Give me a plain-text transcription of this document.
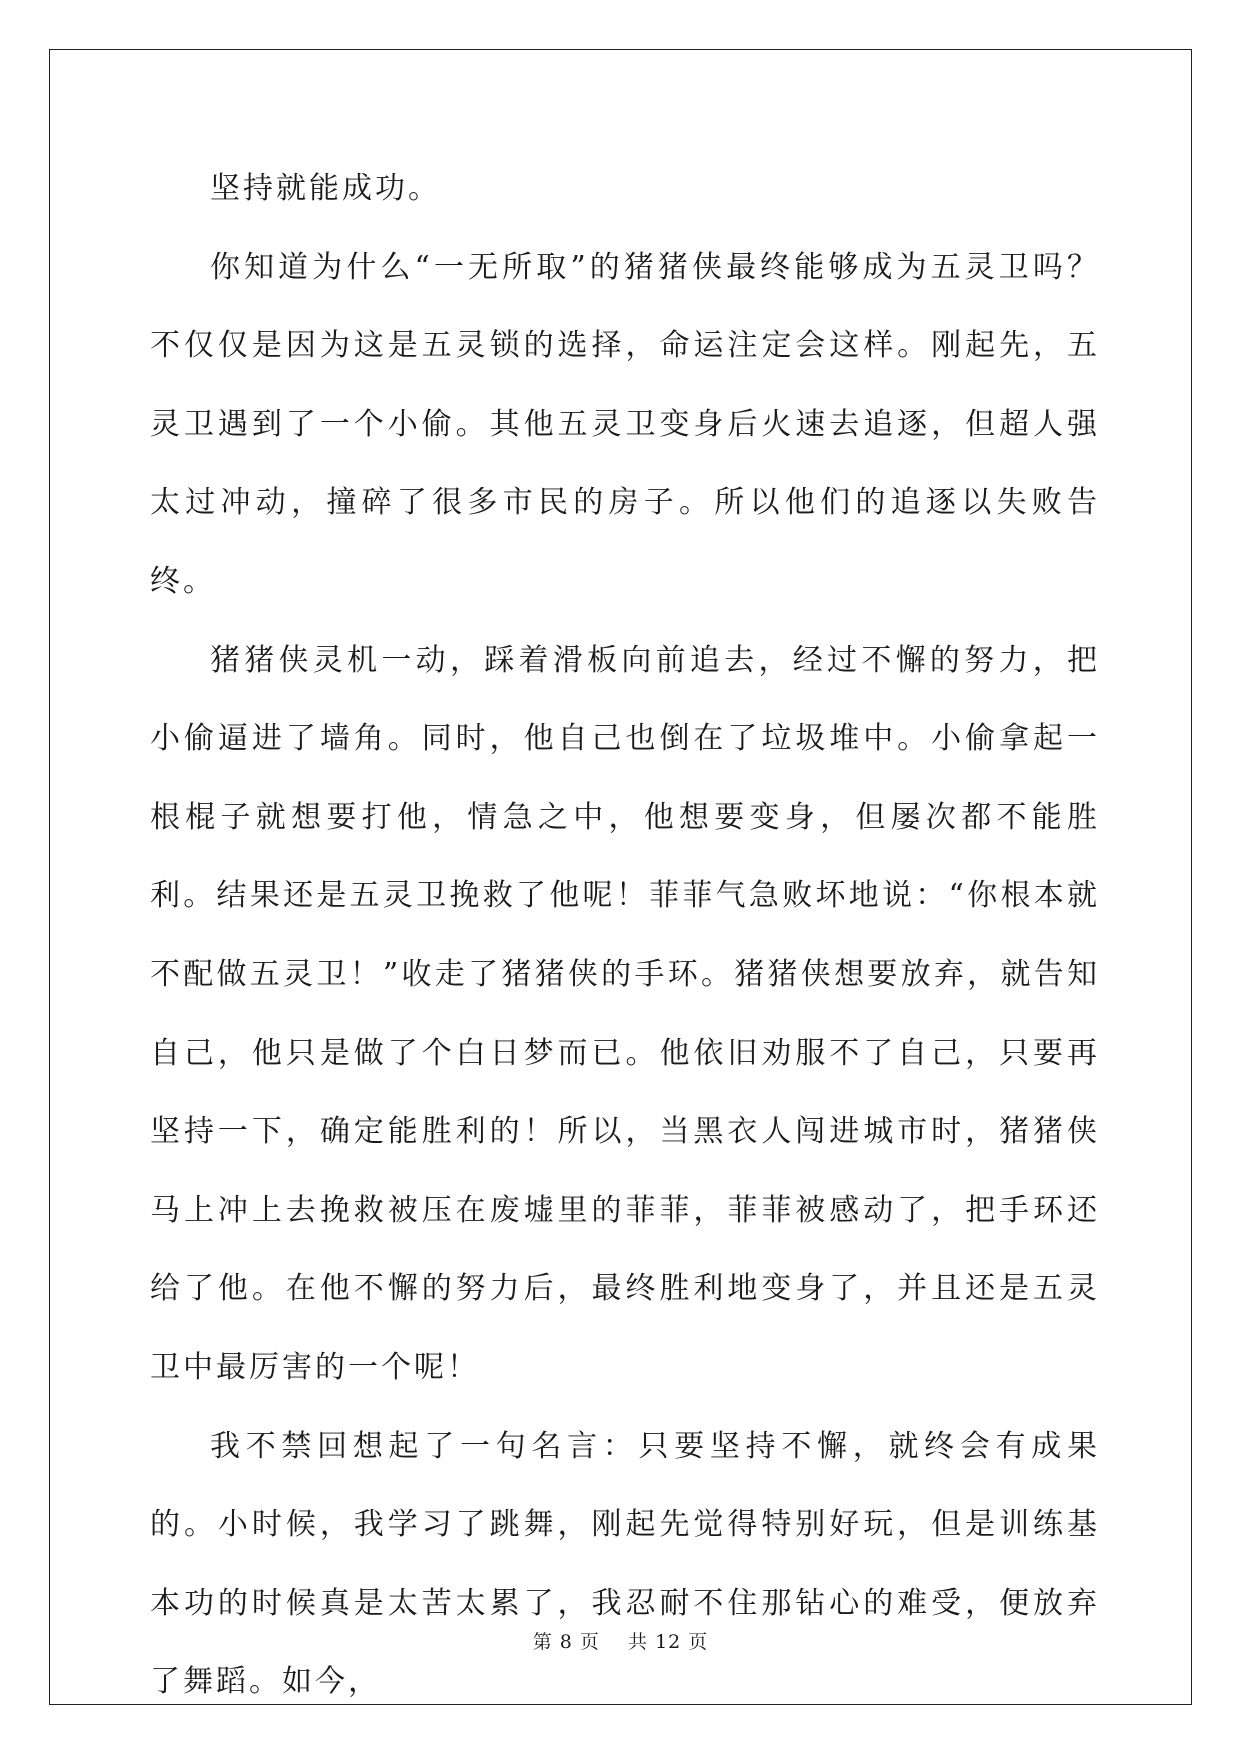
坚持就能成功。

你知道为什么“一无所取”的猪猪侠最终能够成为五灵卫吗？不仅仅是因为这是五灵锁的选择，命运注定会这样。刚起先，五灵卫遇到了一个小偷。其他五灵卫变身后火速去追逐，但超人强太过冲动，撞碎了很多市民的房子。所以他们的追逐以失败告终。

猪猪侠灵机一动，踩着滑板向前追去，经过不懈的努力，把小偷逼进了墙角。同时，他自己也倒在了垃圾堆中。小偷拿起一根棍子就想要打他，情急之中，他想要变身，但屡次都不能胜利。结果还是五灵卫挽救了他呢！菲菲气急败坏地说：“你根本就不配做五灵卫！”收走了猪猪侠的手环。猪猪侠想要放弃，就告知自己，他只是做了个白日梦而已。他依旧劝服不了自己，只要再坚持一下，确定能胜利的！所以，当黑衣人闯进城市时，猪猪侠马上冲上去挽救被压在废墟里的菲菲，菲菲被感动了，把手环还给了他。在他不懈的努力后，最终胜利地变身了，并且还是五灵卫中最厉害的一个呢！

我不禁回想起了一句名言：只要坚持不懈，就终会有成果的。小时候，我学习了跳舞，刚起先觉得特别好玩，但是训练基本功的时候真是太苦太累了，我忍耐不住那钻心的难受，便放弃了舞蹈。如今，

第 8 页    共 12 页
